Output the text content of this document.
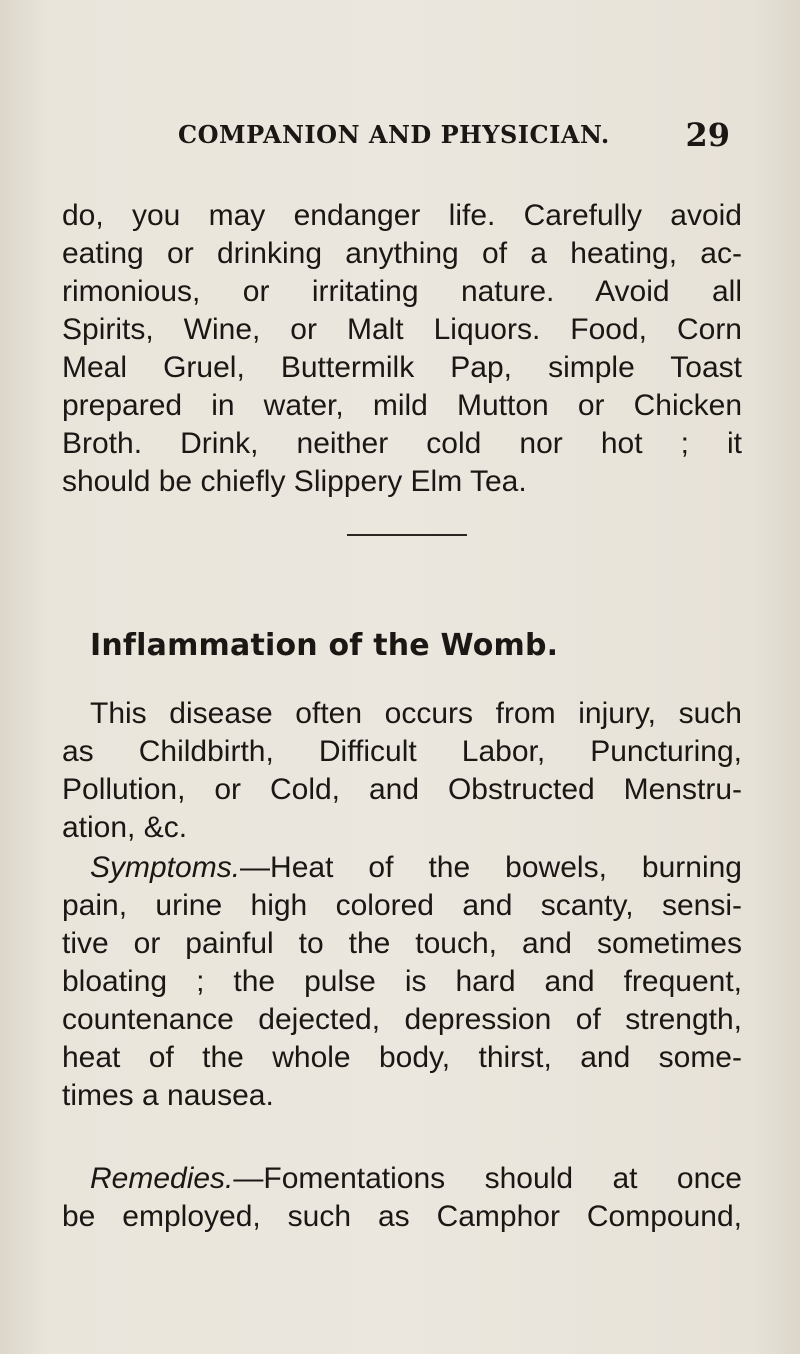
COMPANION AND PHYSICIAN. 29
do, you may endanger life. Carefully avoid
eating or drinking anything of a heating, ac-
rimonious, or irritating nature. Avoid all
Spirits, Wine, or Malt Liquors. Food, Corn
Meal Gruel, Buttermilk Pap, simple Toast
prepared in water, mild Mutton or Chicken
Broth. Drink, neither cold nor hot ; it
should be chiefly Slippery Elm Tea.
Inflammation of the Womb.
This disease often occurs from injury, such
as Childbirth, Difficult Labor, Puncturing,
Pollution, or Cold, and Obstructed Menstru-
ation, &c.
Symptoms.—Heat of the bowels, burning
pain, urine high colored and scanty, sensi-
tive or painful to the touch, and sometimes
bloating ; the pulse is hard and frequent,
countenance dejected, depression of strength,
heat of the whole body, thirst, and some-
times a nausea.
Remedies.—Fomentations should at once
be employed, such as Camphor Compound,
